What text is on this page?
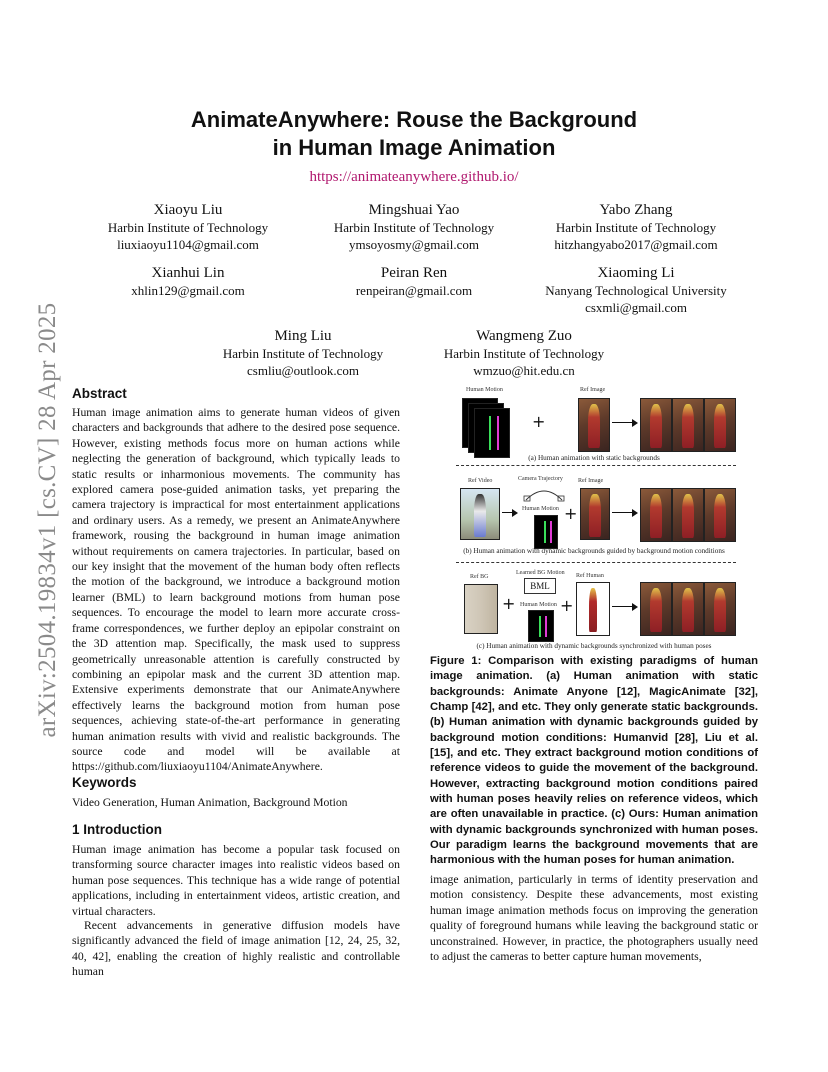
arXiv:2504.19834v1 [cs.CV] 28 Apr 2025
AnimateAnywhere: Rouse the Background
in Human Image Animation
https://animateanywhere.github.io/
Xiaoyu Liu
Harbin Institute of Technology
liuxiaoyu1104@gmail.com
Mingshuai Yao
Harbin Institute of Technology
ymsoyosmy@gmail.com
Yabo Zhang
Harbin Institute of Technology
hitzhangyabo2017@gmail.com
Xianhui Lin
xhlin129@gmail.com
Peiran Ren
renpeiran@gmail.com
Xiaoming Li
Nanyang Technological University
csxmli@gmail.com
Ming Liu
Harbin Institute of Technology
csmliu@outlook.com
Wangmeng Zuo
Harbin Institute of Technology
wmzuo@hit.edu.cn
Abstract

Human image animation aims to generate human videos of given characters and backgrounds that adhere to the desired pose sequence. However, existing methods focus more on human actions while neglecting the generation of background, which typically leads to static results or inharmonious movements. The community has explored camera pose-guided animation tasks, yet preparing the camera trajectory is impractical for most entertainment applications and ordinary users. As a remedy, we present an AnimateAnywhere framework, rousing the background in human image animation without requirements on camera trajectories. In particular, based on our key insight that the movement of the human body often reflects the motion of the background, we introduce a background motion learner (BML) to learn background motions from human pose sequences. To encourage the model to learn more accurate cross-frame correspondences, we further deploy an epipolar constraint on the 3D attention map. Specifically, the mask used to suppress geometrically unreasonable attention is carefully constructed by combining an epipolar mask and the current 3D attention map. Extensive experiments demonstrate that our AnimateAnywhere effectively learns the background motion from human pose sequences, achieving state-of-the-art performance in generating human animation results with vivid and realistic backgrounds. The source code and model will be available at https://github.com/liuxiaoyu1104/AnimateAnywhere.

Keywords

Video Generation, Human Animation, Background Motion

1 Introduction

Human image animation has become a popular task focused on transforming source character images into realistic videos based on human pose sequences. This technique has a wide range of potential applications, including in entertainment videos, artistic creation, and virtual characters.

Recent advancements in generative diffusion models have significantly advanced the field of image animation [12, 24, 25, 32, 40, 42], enabling the creation of highly realistic and controllable human

Human Motion	Ref Image
+
(a) Human animation with static backgrounds
Ref Video	Camera Trajectory	Ref Image
Human Motion +
(b) Human animation with dynamic backgrounds guided by background motion conditions
Ref BG
Learned BG Motion Ref Human
+
BML
Human Motion +
(c) Human animation with dynamic backgrounds synchronized with human poses

Figure 1: Comparison with existing paradigms of human image animation. (a) Human animation with static backgrounds: Animate Anyone [12], MagicAnimate [32], Champ [42], and etc. They only generate static backgrounds. (b) Human animation with dynamic backgrounds guided by background motion conditions: Humanvid [28], Liu et al. [15], and etc. They extract background motion conditions of reference videos to guide the movement of the background. However, extracting background motion conditions paired with human poses heavily relies on reference videos, which are often unavailable in practice. (c) Ours: Human animation with dynamic backgrounds synchronized with human poses. Our paradigm learns the background movements that are harmonious with the human poses for human animation.

image animation, particularly in terms of identity preservation and motion consistency. Despite these advancements, most existing human image animation methods focus on improving the generation quality of foreground humans while leaving the background static or unconstrained. However, in practice, the photographers usually need to adjust the cameras to better capture human movements,
